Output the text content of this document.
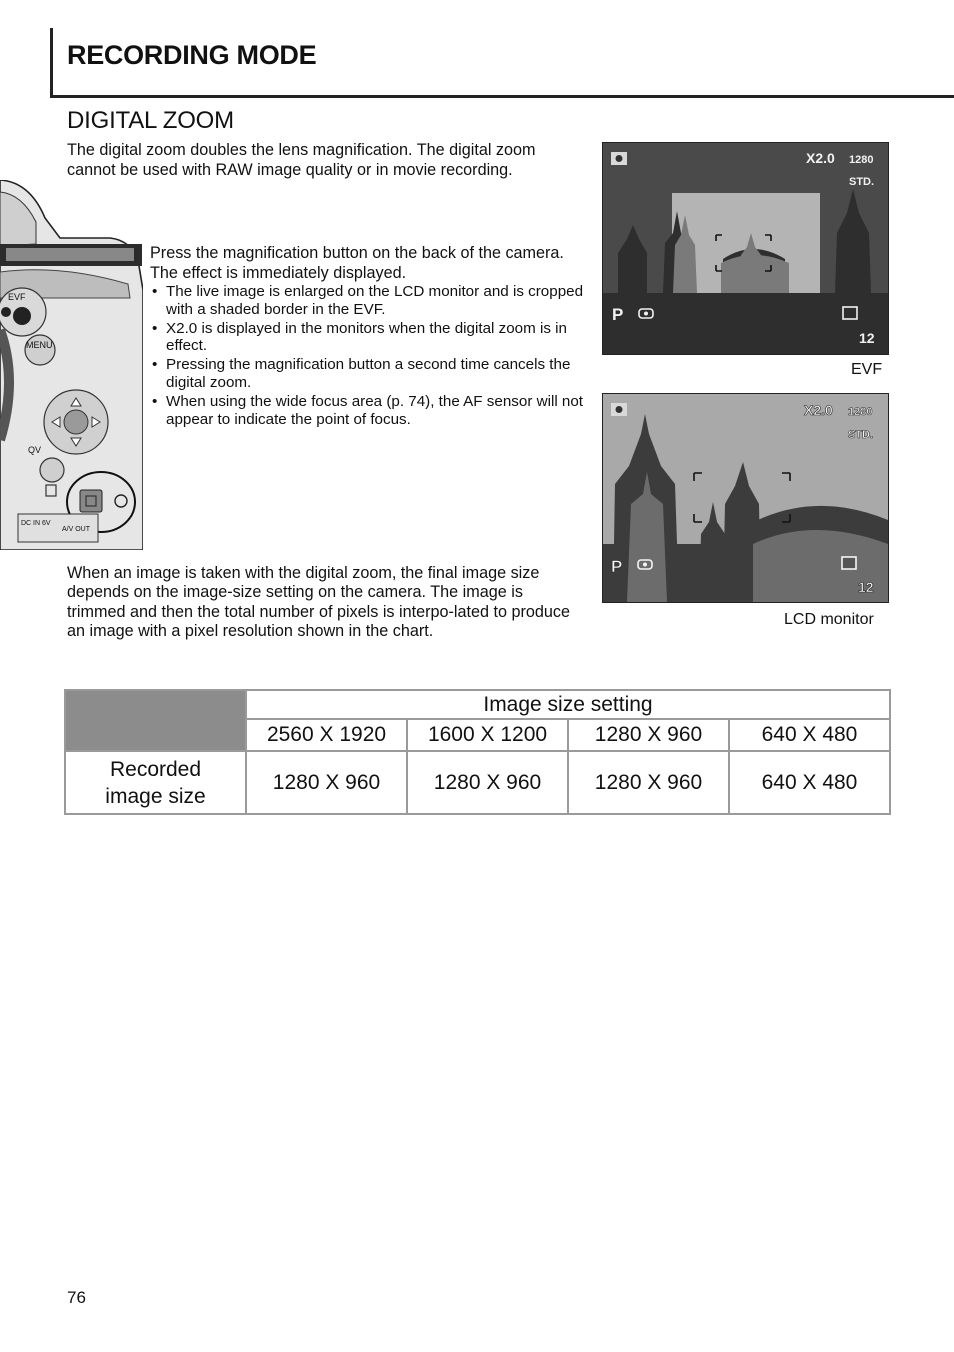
RECORDING MODE
DIGITAL ZOOM
The digital zoom doubles the lens magnification. The digital zoom cannot be used with RAW image quality or in movie recording.
EVF
MENU
QV
DC IN 6V
A/V OUT
Press the magnification button on the back of the camera. The effect is immediately displayed.
• The live image is enlarged on the LCD monitor and is cropped with a shaded border in the EVF.
• X2.0 is displayed in the monitors when the digital zoom is in effect.
• Pressing the magnification button a second time cancels the digital zoom.
• When using the wide focus area (p. 74), the AF sensor will not appear to indicate the point of focus.
X2.0 1280
STD.
P
12
EVF
X2.0 1280
STD.
P
12
LCD monitor
When an image is taken with the digital zoom, the final image size depends on the image-size setting on the camera. The image is trimmed and then the total number of pixels is interpo-lated to produce an image with a pixel resolution shown in the chart.
	Image size setting			
	2560 X 1920	1600 X 1200	1280 X 960	640 X 480
Recorded
image size	1280 X 960	1280 X 960	1280 X 960	640 X 480
76
